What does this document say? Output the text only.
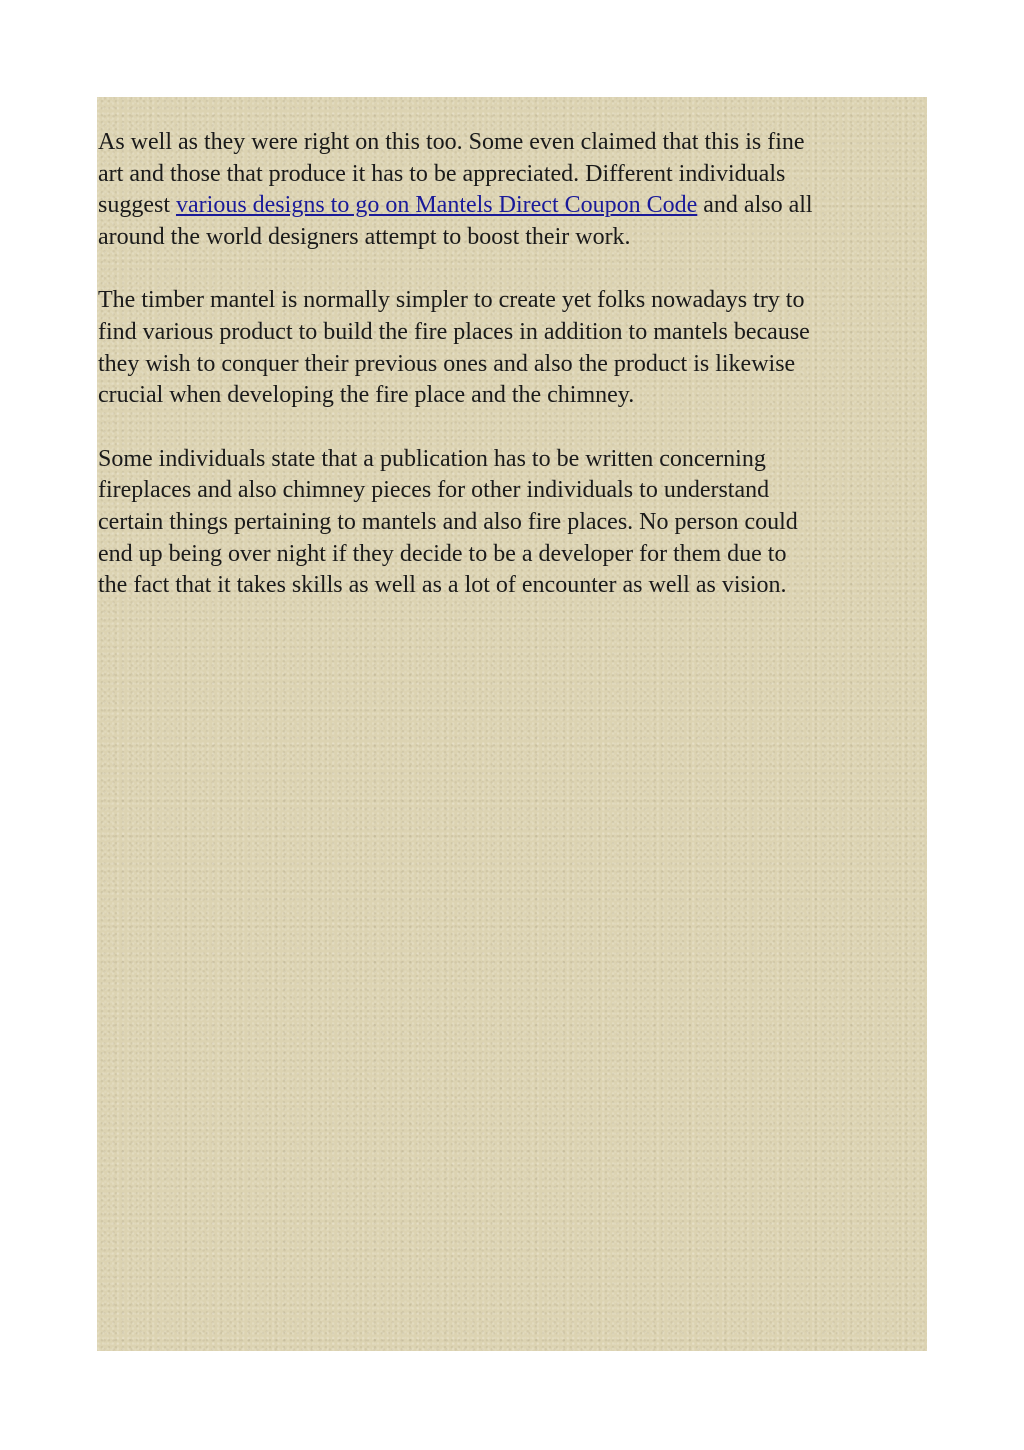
As well as they were right on this too. Some even claimed that this is fine
art and those that produce it has to be appreciated. Different individuals
suggest various designs to go on Mantels Direct Coupon Code and also all
around the world designers attempt to boost their work.

The timber mantel is normally simpler to create yet folks nowadays try to
find various product to build the fire places in addition to mantels because
they wish to conquer their previous ones and also the product is likewise
crucial when developing the fire place and the chimney.

Some individuals state that a publication has to be written concerning
fireplaces and also chimney pieces for other individuals to understand
certain things pertaining to mantels and also fire places. No person could
end up being over night if they decide to be a developer for them due to
the fact that it takes skills as well as a lot of encounter as well as vision.
